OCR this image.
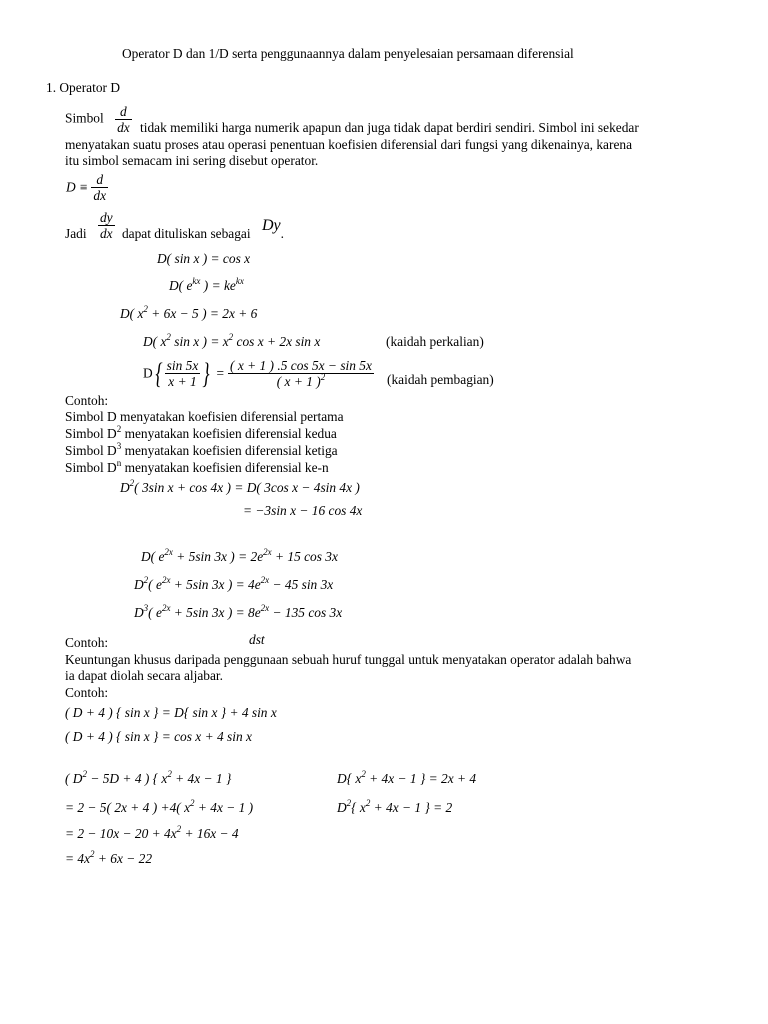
Operator D dan 1/D serta penggunaannya dalam penyelesaian persamaan diferensial
1. Operator D
Simbol $\frac{d}{dx}$ tidak memiliki harga numerik apapun dan juga tidak dapat berdiri sendiri. Simbol ini sekedar
menyatakan suatu proses atau operasi penentuan koefisien diferensial dari fungsi yang dikenainya, karena
itu simbol semacam ini sering disebut operator.
$D \equiv \frac{d}{dx}$
Jadi $\frac{dy}{dx}$ dapat dituliskan sebagai Dy.
D( sin x ) = cos x
D( $e^{kx}$ ) = $ke^{kx}$
D( $x^2 + 6x - 5$ ) = 2x + 6
D( $x^2$ sin x ) = $x^2$ cos x + 2x sin x	(kaidah perkalian)
$D\{ \frac{\sin 5x}{x + 1}$ } = $\frac{( x + 1 ) .5 \cos 5x - \sin 5x}{( x + 1 )^2}$ (kaidah pembagian)
Contoh:
Simbol D menyatakan koefisien diferensial pertama
Simbol $D^2$ menyatakan koefisien diferensial kedua
Simbol $D^3$ menyatakan koefisien diferensial ketiga
Simbol $D^n$ menyatakan koefisien diferensial ke-n
$D^2$( 3sin x + cos 4x ) = D( 3cos x − 4sin 4x )
= −3sin x − 16 cos 4x
D( $e^{2x} + 5\sin$ 3x ) = $2e^{2x} + 15$ cos 3x
$D^2$( $e^{2x} + 5\sin$ 3x ) = $4e^{2x} - 45$ sin 3x
$D^3$( $e^{2x} + 5\sin$ 3x ) = $8e^{2x} - 135$ cos 3x
Contoh:	dst
Keuntungan khusus daripada penggunaan sebuah huruf tunggal untuk menyatakan operator adalah bahwa
ia dapat diolah secara aljabar.
Contoh:
( D + 4 ) { sin x } = D{ sin x } + 4 sin x
( D + 4 ) { sin x } = cos x + 4 sin x
( $D^2 - 5D + 4$ ) { $x^2 + 4x - 1$ }
= 2 − 5( 2x + 4 ) +4( $x^2 + 4x - 1$ )
= $2 - 10x - 20 + 4x^2 + 16x - 4$
= $4x^2 + 6x - 22$
D{ $x^2 + 4x - 1$ } = 2x + 4
$D^2${ $x^2 + 4x - 1$ } = 2
